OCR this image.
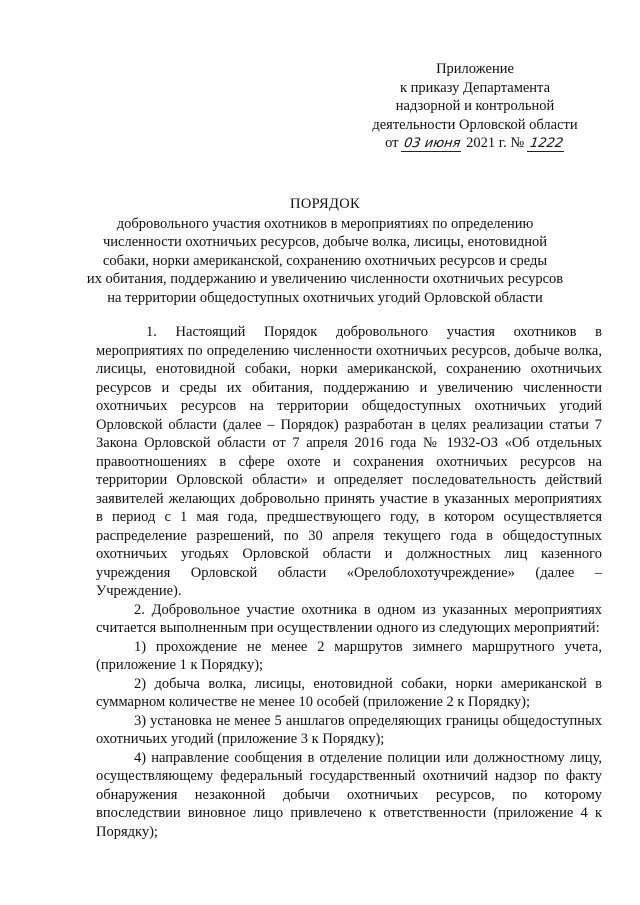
Приложение
к приказу Департамента
надзорной и контрольной
деятельности Орловской области
от 03 июня 2021 г. № 1222
ПОРЯДОК
добровольного участия охотников в мероприятиях по определению
численности охотничьих ресурсов, добыче волка, лисицы, енотовидной
собаки, норки американской, сохранению охотничьих ресурсов и среды
их обитания, поддержанию и увеличению численности охотничьих ресурсов
на территории общедоступных охотничьих угодий Орловской области

1. Настоящий Порядок добровольного участия охотников в мероприятиях по определению численности охотничьих ресурсов, добыче волка, лисицы, енотовидной собаки, норки американской, сохранению охотничьих ресурсов и среды их обитания, поддержанию и увеличению численности охотничьих ресурсов на территории общедоступных охотничьих угодий Орловской области (далее – Порядок) разработан в целях реализации статьи 7 Закона Орловской области от 7 апреля 2016 года № 1932-ОЗ «Об отдельных правоотношениях в сфере охоте и сохранения охотничьих ресурсов на территории Орловской области» и определяет последовательность действий заявителей желающих добровольно принять участие в указанных мероприятиях в период с 1 мая года, предшествующего году, в котором осуществляется распределение разрешений, по 30 апреля текущего года в общедоступных охотничьих угодьях Орловской области и должностных лиц казенного учреждения Орловской области «Орелоблохотучреждение» (далее – Учреждение).

2. Добровольное участие охотника в одном из указанных мероприятиях считается выполненным при осуществлении одного из следующих мероприятий:

1) прохождение не менее 2 маршрутов зимнего маршрутного учета, (приложение 1 к Порядку);

2) добыча волка, лисицы, енотовидной собаки, норки американской в суммарном количестве не менее 10 особей (приложение 2 к Порядку);

3) установка не менее 5 аншлагов определяющих границы общедоступных охотничьих угодий (приложение 3 к Порядку);

4) направление сообщения в отделение полиции или должностному лицу, осуществляющему федеральный государственный охотничий надзор по факту обнаружения незаконной добычи охотничьих ресурсов, по которому впоследствии виновное лицо привлечено к ответственности (приложение 4 к Порядку);
